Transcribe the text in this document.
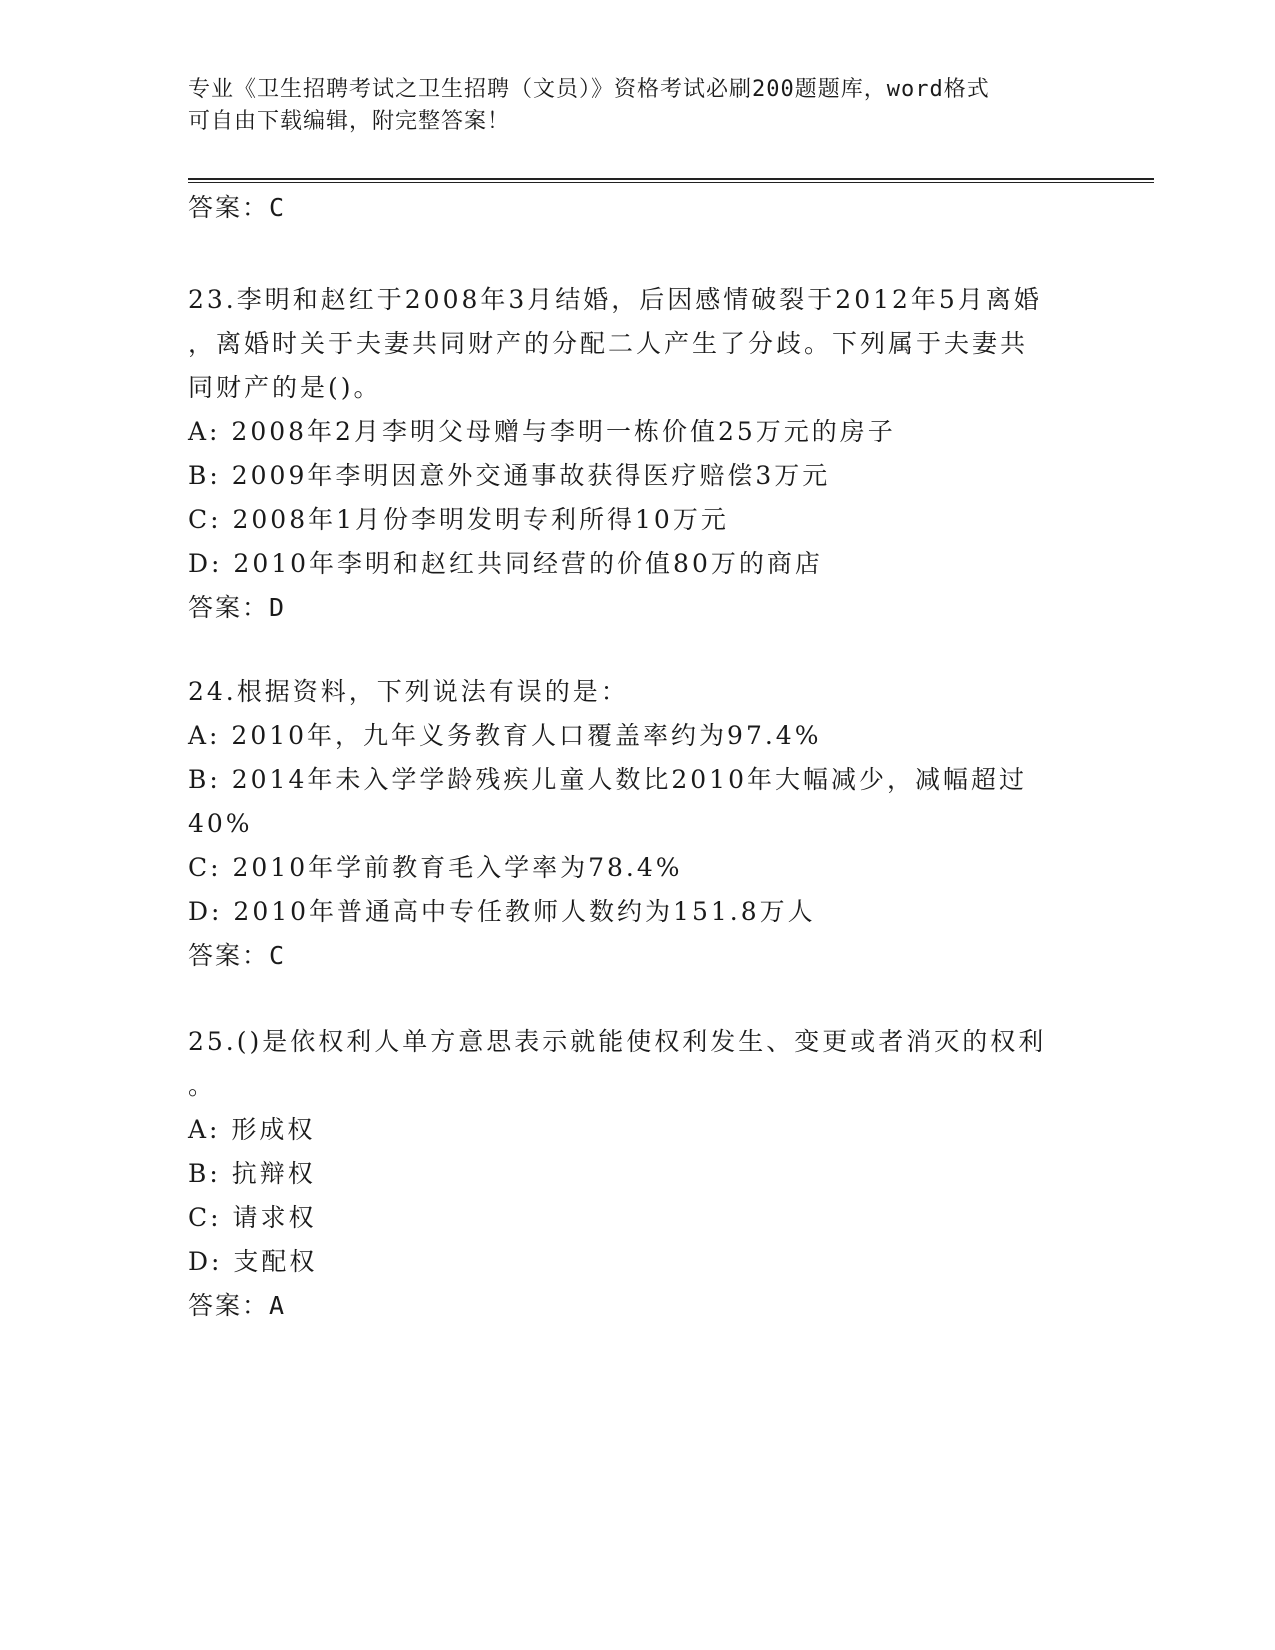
专业《卫生招聘考试之卫生招聘（文员）》资格考试必刷200题题库，word格式
可自由下载编辑，附完整答案！
答案：C
23.李明和赵红于2008年3月结婚，后因感情破裂于2012年5月离婚
，离婚时关于夫妻共同财产的分配二人产生了分歧。下列属于夫妻共
同财产的是()。
A: 2008年2月李明父母赠与李明一栋价值25万元的房子
B: 2009年李明因意外交通事故获得医疗赔偿3万元
C: 2008年1月份李明发明专利所得10万元
D: 2010年李明和赵红共同经营的价值80万的商店
答案：D
24.根据资料，下列说法有误的是：
A: 2010年，九年义务教育人口覆盖率约为97.4%
B: 2014年未入学学龄残疾儿童人数比2010年大幅减少，减幅超过
40%
C: 2010年学前教育毛入学率为78.4%
D: 2010年普通高中专任教师人数约为151.8万人
答案：C
25.()是依权利人单方意思表示就能使权利发生、变更或者消灭的权利
。
A: 形成权
B: 抗辩权
C: 请求权
D: 支配权
答案：A
